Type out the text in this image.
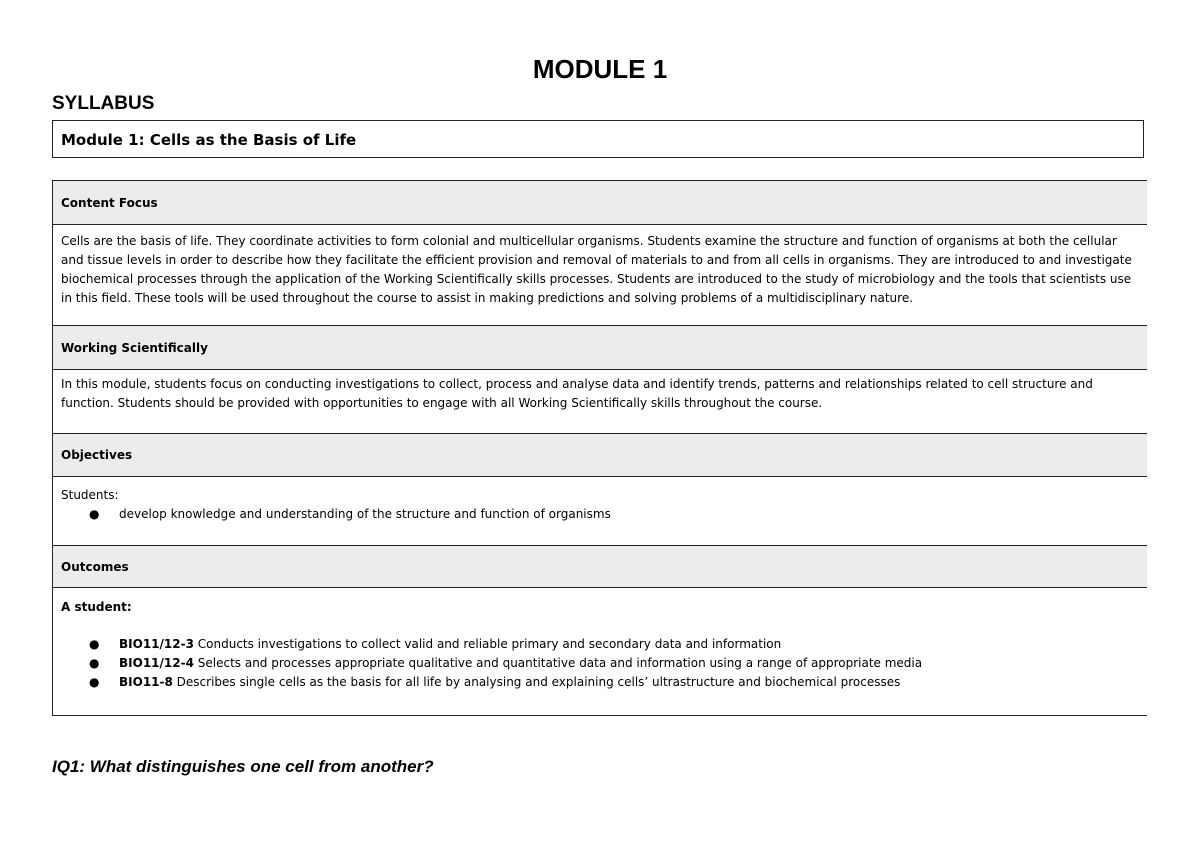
MODULE 1
SYLLABUS
Module 1: Cells as the Basis of Life
Content Focus
Cells are the basis of life. They coordinate activities to form colonial and multicellular organisms. Students examine the structure and function of organisms at both the cellular and tissue levels in order to describe how they facilitate the efficient provision and removal of materials to and from all cells in organisms. They are introduced to and investigate biochemical processes through the application of the Working Scientifically skills processes. Students are introduced to the study of microbiology and the tools that scientists use in this field. These tools will be used throughout the course to assist in making predictions and solving problems of a multidisciplinary nature.
Working Scientifically
In this module, students focus on conducting investigations to collect, process and analyse data and identify trends, patterns and relationships related to cell structure and function. Students should be provided with opportunities to engage with all Working Scientifically skills throughout the course.
Objectives
Students:
● develop knowledge and understanding of the structure and function of organisms
Outcomes
A student:
● BIO11/12-3 Conducts investigations to collect valid and reliable primary and secondary data and information
● BIO11/12-4 Selects and processes appropriate qualitative and quantitative data and information using a range of appropriate media
● BIO11-8 Describes single cells as the basis for all life by analysing and explaining cells’ ultrastructure and biochemical processes
IQ1: What distinguishes one cell from another?
